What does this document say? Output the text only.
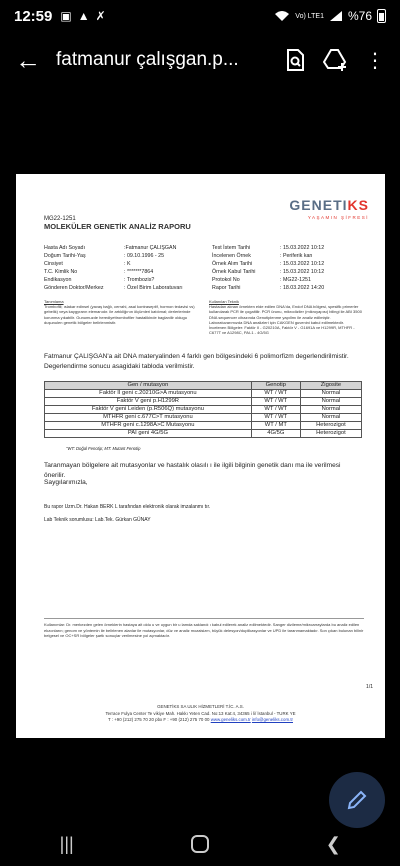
12:59 ▣ ▲ ✗	Vo) LTE1 %76
← fatmanur çalışgan.p...	⋮
GENETIKS
YAŞAMIN ŞİFRESİ
MG22-1251
MOLEKÜLER GENETİK ANALİZ RAPORU
Hasta Adı Soyadı	:Fatmanur ÇALIŞGAN	Test İstem Tarihi	: 15.03.2022 10:12
Doğum Tarihi-Yaş	: 09.10.1996 - 25	İncelenen Örnek	: Periferik kan
Cinsiyet	: K	Örnek Alım Tarihi	: 15.03.2022 10:12
T.C. Kimlik No	: *******7864	Örnek Kabul Tarihi	: 15.03.2022 10:12
Endikasyon	: Trombozis?	Protokol No	: MG22-1251
Gönderen Doktor/Merkez	: Özel Birim Laboratuvarı	Rapor Tarihi	: 18.03.2022 14:20
Tanımlama
Trombofili; ıslakar edinsel (yavaş bağlı, cerrahi, asal kontraseptif, hormon tedavisi vs) gebelik) veya kaygyrarın elemanıdır. ile artıkliğının ölçümleri katılımal; derlerlerinde korunma yıkabilir. Gunumuzde herediyettrombofiler hastalikinde baglanilir oldugu duşunulen genetik bölgeler belirlenmistir.
Kullanılan Teknik
Hastadan alınan örnekten elde edilen DNA'da, Endof DNA bölgesi, spesifik primerler kullanılarak PCR ile çogaltilir. PCR ürunu, mikrodiziler (mikroyapısı) bilingi ile ABI 3500 DNA sequencer cihazında Genotiplenme yapıllmı ile analiz edilmiştir. Laboratuvarımızda DNA analizleri için CAKGEN guvenini kabul edilmektedir.
İncelenen Bölgeler: Faktör II - G20210A, Faktör V - G1691A ve H1299R, MTHFR - C677T ve A1298C, PAI-1 - 4G/5G
Fatmanur ÇALIŞGAN'a ait DNA materyalinden 4 farklı gen bölgesindeki 6 polimorfizm degerlendirilmistir. Degerlendirme sonucu asagidaki tabloda verilmistir.
Gen / mutasyon	Genotip	Zigosite
Faktör II geni c.20210G>A mutasyonu	WT / WT	Normal
Faktör V geni p.H1299R	WT / WT	Normal
Faktör V geni Leiden (p.R506Q) mutasyonu	WT / WT	Normal
MTHFR geni c.677C>T mutasyonu	WT / WT	Normal
MTHFR geni c.1298A>C Mutasyonu	WT / MT	Heterozigot
PAI geni 4G/5G	4G/5G	Heterozigot
"WT: Doğal Fenotip; MT: Mutant Fenotip
Taranmayan bölgelere ait mutasyonlar ve hastalık olasılı ı ile ilgili bilginin genetik danı ma ile verilmesi önerilir.
Saygılarımızla,
Bu rapor Uzm.Dr. Hakan BERK L tarafından elektronik olarak imzalanmı tır.
Lab Teknik sorumlusu: Lab.Tek. Gürkan GÜNAY
Kullanımlar: Dr. merkezden gelen örneklerin hastaya ait oldu u ve uygun bir u lamda saklandı ı kabul edilerek analiz edilmektedir. Sanger dizileme/mikroarraylarda bu analiz edilen ekzonların; genom ve yöntemin ile belirlenen alanlar ile mutasyonlar, düz ve analiz mozaisizm, büyük delesyon/duplikasyonlar ve UPD ile taranmamaktadır. Son çıkan bulunan bilinir belgesel ve OC+SR bölgeler şartlı sonuçlar verilmesine yol açmaktadır.
1/1
GENETİKS SA ULIK HİZMETLERİ T.İC. A.S.
Terrace Fulya Center Te vikiye Mah. Hakkı Yeten Cad. No:13 Kat:4, 34365 i li/ İstanbul - TURK YE
T : +90 (212) 275 70 20 pbx F : +90 (212) 275 70 00 www.geneliks.com.tr info@geneliks.com.tr
|||	❮
